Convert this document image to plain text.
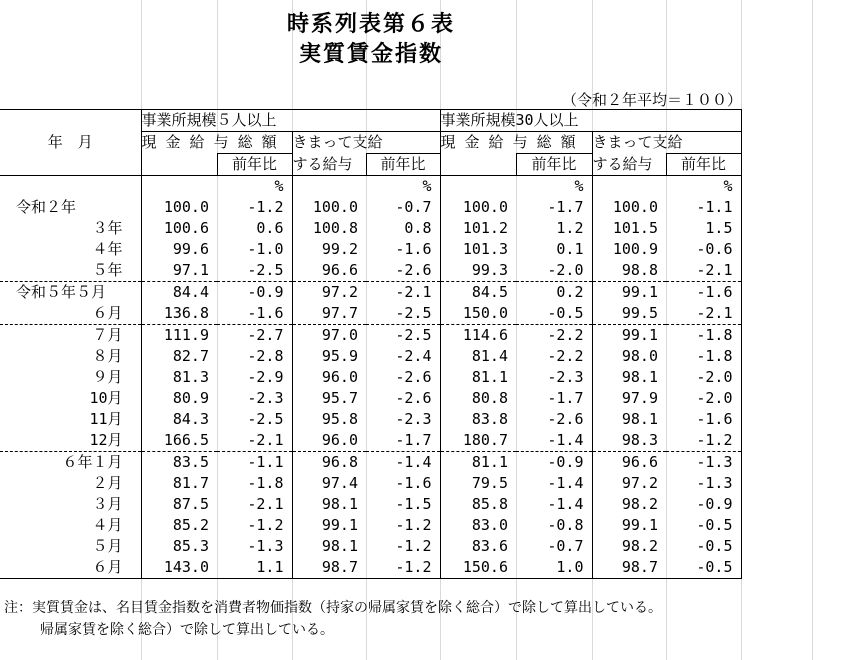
時系列表第６表
実質賃金指数
（令和２年平均＝１００）
	事業所規模５人以上				事業所規模30人以上			
年　月	現 金 給 与 総 額		きまって支給		現 金 給 与 総 額		きまって支給	
		前年比	する給与	前年比		前年比	する給与	前年比
		%		%		%		%
令和２年	100.0	-1.2	100.0	-0.7	100.0	-1.7	100.0	-1.1
３年	100.6	0.6	100.8	0.8	101.2	1.2	101.5	1.5
４年	99.6	-1.0	99.2	-1.6	101.3	0.1	100.9	-0.6
５年	97.1	-2.5	96.6	-2.6	99.3	-2.0	98.8	-2.1
令和５年５月	84.4	-0.9	97.2	-2.1	84.5	0.2	99.1	-1.6
６月	136.8	-1.6	97.7	-2.5	150.0	-0.5	99.5	-2.1
７月	111.9	-2.7	97.0	-2.5	114.6	-2.2	99.1	-1.8
８月	82.7	-2.8	95.9	-2.4	81.4	-2.2	98.0	-1.8
９月	81.3	-2.9	96.0	-2.6	81.1	-2.3	98.1	-2.0
10月	80.9	-2.3	95.7	-2.6	80.8	-1.7	97.9	-2.0
11月	84.3	-2.5	95.8	-2.3	83.8	-2.6	98.1	-1.6
12月	166.5	-2.1	96.0	-1.7	180.7	-1.4	98.3	-1.2
６年１月	83.5	-1.1	96.8	-1.4	81.1	-0.9	96.6	-1.3
２月	81.7	-1.8	97.4	-1.6	79.5	-1.4	97.2	-1.3
３月	87.5	-2.1	98.1	-1.5	85.8	-1.4	98.2	-0.9
４月	85.2	-1.2	99.1	-1.2	83.0	-0.8	99.1	-0.5
５月	85.3	-1.3	98.1	-1.2	83.6	-0.7	98.2	-0.5
６月	143.0	1.1	98.7	-1.2	150.6	1.0	98.7	-0.5
注：実質賃金は、名目賃金指数を消費者物価指数（持家の帰属家賃を除く総合）で除して算出している。
帰属家賃を除く総合）で除して算出している。
